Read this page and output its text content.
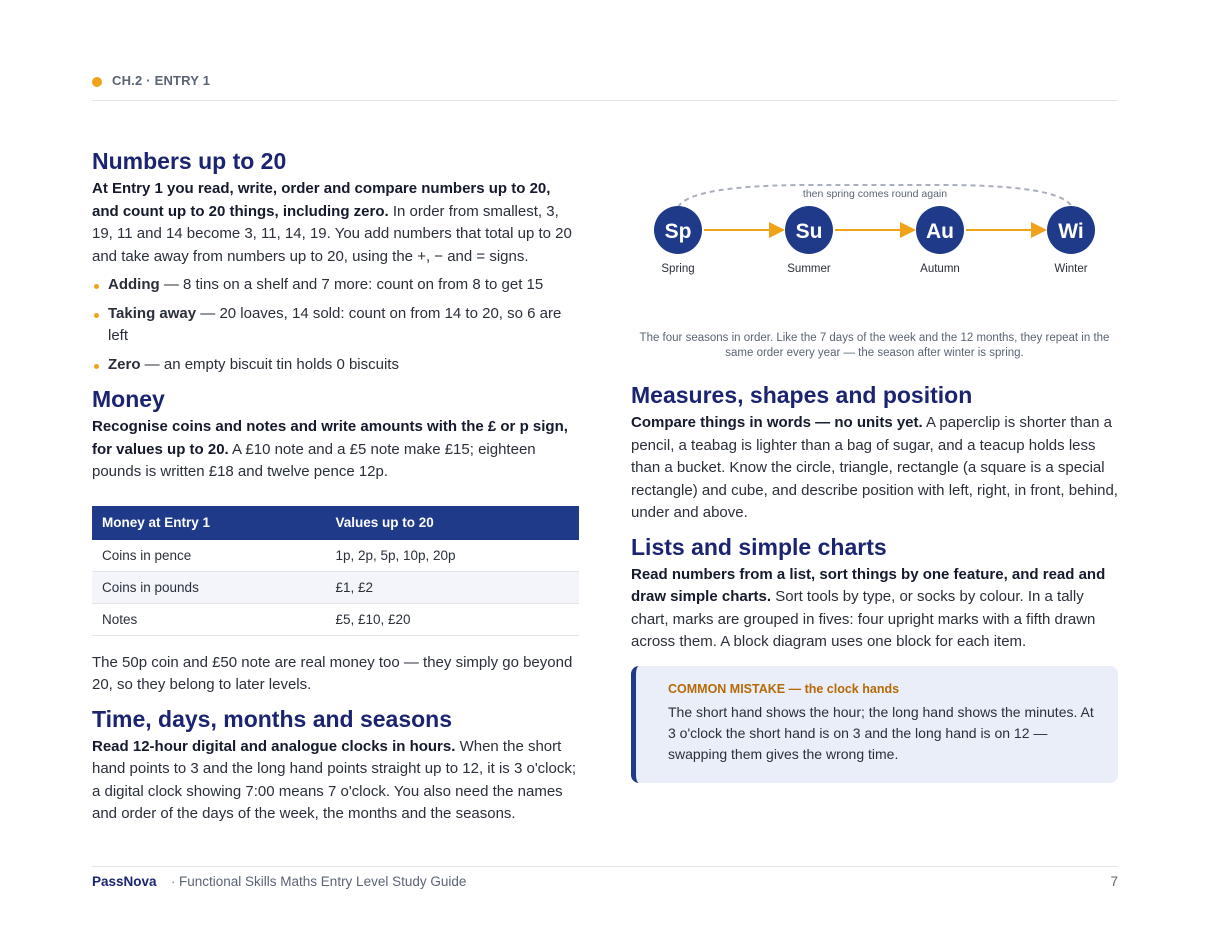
CH.2 · ENTRY 1
Numbers up to 20

At Entry 1 you read, write, order and compare numbers up to 20, and count up to 20 things, including zero. In order from smallest, 3, 19, 11 and 14 become 3, 11, 14, 19. You add numbers that total up to 20 and take away from numbers up to 20, using the +, − and = signs.

Adding — 8 tins on a shelf and 7 more: count on from 8 to get 15
Taking away — 20 loaves, 14 sold: count on from 14 to 20, so 6 are left
Zero — an empty biscuit tin holds 0 biscuits
Money

Recognise coins and notes and write amounts with the £ or p sign, for values up to 20. A £10 note and a £5 note make £15; eighteen pounds is written £18 and twelve pence 12p.

Money at Entry 1	Values up to 20
Coins in pence	1p, 2p, 5p, 10p, 20p
Coins in pounds	£1, £2
Notes	£5, £10, £20

The 50p coin and £50 note are real money too — they simply go beyond 20, so they belong to later levels.

Time, days, months and seasons

Read 12-hour digital and analogue clocks in hours. When the short hand points to 3 and the long hand points straight up to 12, it is 3 o'clock; a digital clock showing 7:00 means 7 o'clock. You also need the names and order of the days of the week, the months and the seasons.

then spring comes round again
Sp
Spring
Su
Summer
Au
Autumn
Wi
Winter
The four seasons in order. Like the 7 days of the week and the 12 months, they repeat in the same order every year — the season after winter is spring.
Measures, shapes and position

Compare things in words — no units yet. A paperclip is shorter than a pencil, a teabag is lighter than a bag of sugar, and a teacup holds less than a bucket. Know the circle, triangle, rectangle (a square is a special rectangle) and cube, and describe position with left, right, in front, behind, under and above.

Lists and simple charts

Read numbers from a list, sort things by one feature, and read and draw simple charts. Sort tools by type, or socks by colour. In a tally chart, marks are grouped in fives: four upright marks with a fifth drawn across them. A block diagram uses one block for each item.

COMMON MISTAKE — the clock hands
The short hand shows the hour; the long hand shows the minutes. At 3 o'clock the short hand is on 3 and the long hand is on 12 — swapping them gives the wrong time.
PassNova · Functional Skills Maths Entry Level Study Guide	7
